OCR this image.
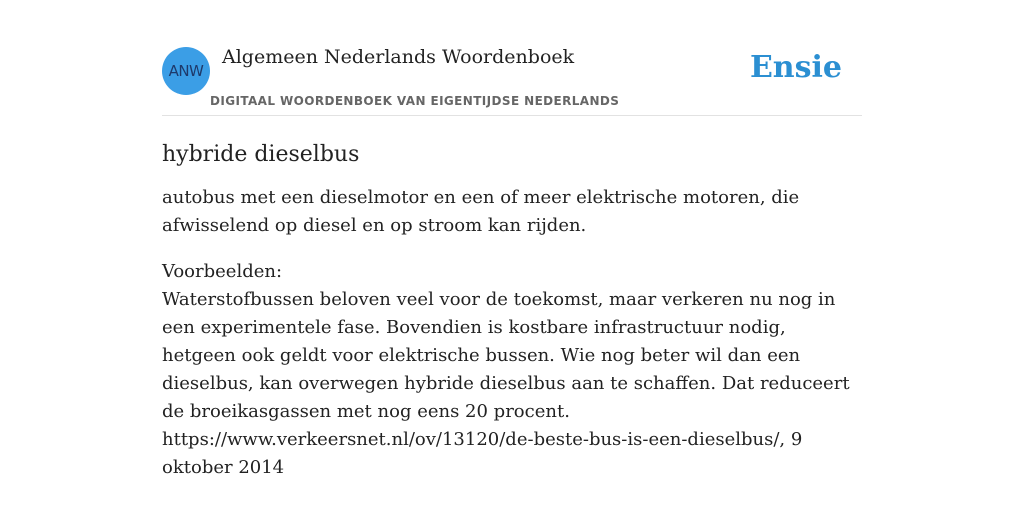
ANW
Algemeen Nederlands Woordenboek
DIGITAAL WOORDENBOEK VAN EIGENTIJDSE NEDERLANDS
Ensie
hybride dieselbus

autobus met een dieselmotor en een of meer elektrische motoren, die afwisselend op diesel en op stroom kan rijden.

Voorbeelden:
Waterstofbussen beloven veel voor de toekomst, maar verkeren nu nog in een experimentele fase. Bovendien is kostbare infrastructuur nodig, hetgeen ook geldt voor elektrische bussen. Wie nog beter wil dan een dieselbus, kan overwegen hybride dieselbus aan te schaffen. Dat reduceert de broeikasgassen met nog eens 20 procent.
https://www.verkeersnet.nl/ov/13120/de-beste-bus-is-een-dieselbus/, 9 oktober 2014
